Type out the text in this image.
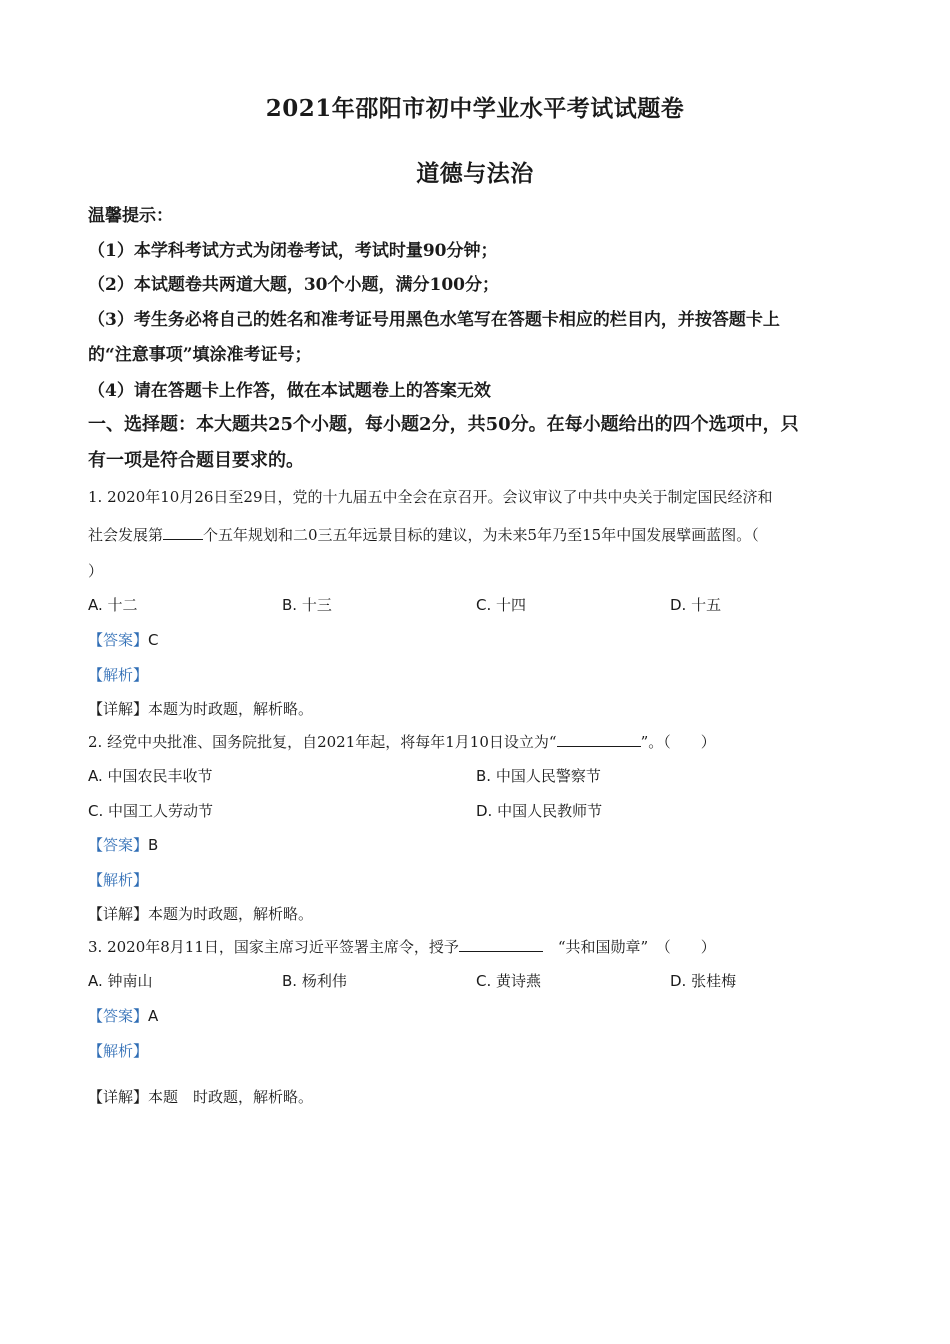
2021年邵阳市初中学业水平考试试题卷
道德与法治
温馨提示：
（1）本学科考试方式为闭卷考试，考试时量90分钟；
（2）本试题卷共两道大题，30个小题，满分100分；
（3）考生务必将自己的姓名和准考证号用黑色水笔写在答题卡相应的栏目内，并按答题卡上
的“注意事项”填涂准考证号；
（4）请在答题卡上作答，做在本试题卷上的答案无效
一、选择题：本大题共25个小题，每小题2分，共50分。在每小题给出的四个选项中，只
有一项是符合题目要求的。
1. 2020年10月26日至29日，党的十九届五中全会在京召开。会议审议了中共中央关于制定国民经济和
社会发展第	个五年规划和二0三五年远景目标的建议，为未来5年乃至15年中国发展擘画蓝图。（
）
A. 十二	B. 十三	C. 十四	D. 十五
【答案】C
【解析】
【详解】本题为时政题，解析略。
2. 经党中央批准、国务院批复，自2021年起，将每年1月10日设立为“	”。（　　）
A. 中国农民丰收节	B. 中国人民警察节
C. 中国工人劳动节	D. 中国人民教师节
【答案】B
【解析】
【详解】本题为时政题，解析略。
3. 2020年8月11日，国家主席习近平签署主席令，授予	　“共和国勋章”　（　　）
A. 钟南山	B. 杨利伟	C. 黄诗燕	D. 张桂梅
【答案】A
【解析】
【详解】本题　时政题，解析略。
